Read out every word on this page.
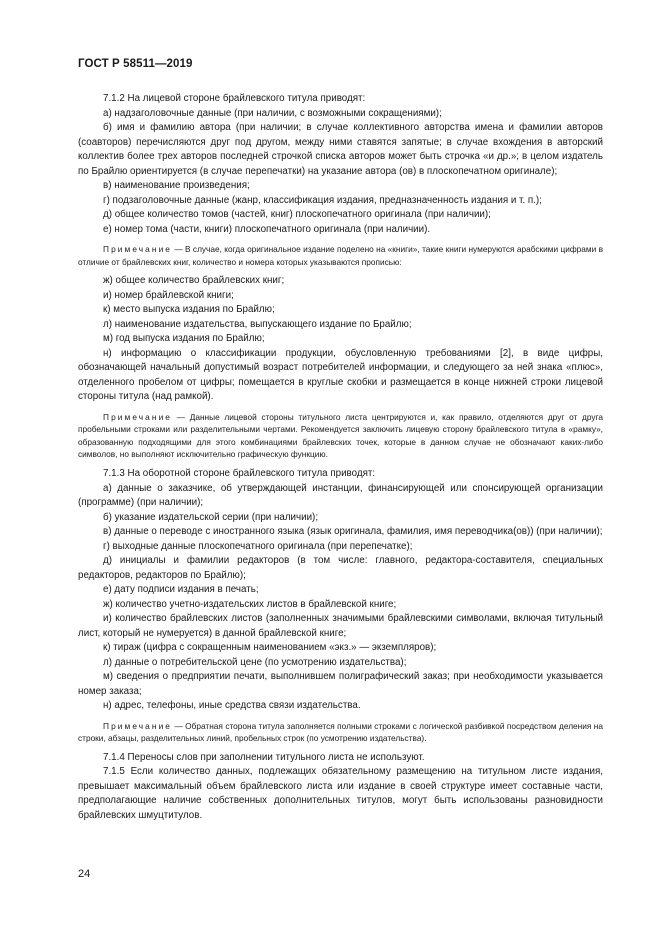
ГОСТ Р 58511—2019

7.1.2 На лицевой стороне брайлевского титула приводят:

а) надзаголовочные данные (при наличии, с возможными сокращениями);

б) имя и фамилию автора (при наличии; в случае коллективного авторства имена и фамилии авторов (соавторов) перечисляются друг под другом, между ними ставятся запятые; в случае вхождения в авторский коллектив более трех авторов последней строчкой списка авторов может быть строчка «и др.»; в целом издатель по Брайлю ориентируется (в случае перепечатки) на указание автора (ов) в плоскопечатном оригинале);

в) наименование произведения;

г) подзаголовочные данные (жанр, классификация издания, предназначенность издания и т. п.);

д) общее количество томов (частей, книг) плоскопечатного оригинала (при наличии);

е) номер тома (части, книги) плоскопечатного оригинала (при наличии).

Примечание — В случае, когда оригинальное издание поделено на «книги», такие книги нумеруются арабскими цифрами в отличие от брайлевских книг, количество и номера которых указываются прописью:

ж) общее количество брайлевских книг;

и) номер брайлевской книги;

к) место выпуска издания по Брайлю;

л) наименование издательства, выпускающего издание по Брайлю;

м) год выпуска издания по Брайлю;

н) информацию о классификации продукции, обусловленную требованиями [2], в виде цифры, обозначающей начальный допустимый возраст потребителей информации, и следующего за ней знака «плюс», отделенного пробелом от цифры; помещается в круглые скобки и размещается в конце нижней строки лицевой стороны титула (над рамкой).

Примечание — Данные лицевой стороны титульного листа центрируются и, как правило, отделяются друг от друга пробельными строками или разделительными чертами. Рекомендуется заключить лицевую сторону брайлевского титула в «рамку», образованную подходящими для этого комбинациями брайлевских точек, которые в данном случае не обозначают каких-либо символов, но выполняют исключительно графическую функцию.

7.1.3 На оборотной стороне брайлевского титула приводят:

а) данные о заказчике, об утверждающей инстанции, финансирующей или спонсирующей организации (программе) (при наличии);

б) указание издательской серии (при наличии);

в) данные о переводе с иностранного языка (язык оригинала, фамилия, имя переводчика(ов)) (при наличии);

г) выходные данные плоскопечатного оригинала (при перепечатке);

д) инициалы и фамилии редакторов (в том числе: главного, редактора-составителя, специальных редакторов, редакторов по Брайлю);

е) дату подписи издания в печать;

ж) количество учетно-издательских листов в брайлевской книге;

и) количество брайлевских листов (заполненных значимыми брайлевскими символами, включая титульный лист, который не нумеруется) в данной брайлевской книге;

к) тираж (цифра с сокращенным наименованием «экз.» — экземпляров);

л) данные о потребительской цене (по усмотрению издательства);

м) сведения о предприятии печати, выполнившем полиграфический заказ; при необходимости указывается номер заказа;

н) адрес, телефоны, иные средства связи издательства.

Примечание — Обратная сторона титула заполняется полными строками с логической разбивкой посредством деления на строки, абзацы, разделительных линий, пробельных строк (по усмотрению издательства).

7.1.4 Переносы слов при заполнении титульного листа не используют.

7.1.5 Если количество данных, подлежащих обязательному размещению на титульном листе издания, превышает максимальный объем брайлевского листа или издание в своей структуре имеет составные части, предполагающие наличие собственных дополнительных титулов, могут быть использованы разновидности брайлевских шмуцтитулов.

24
